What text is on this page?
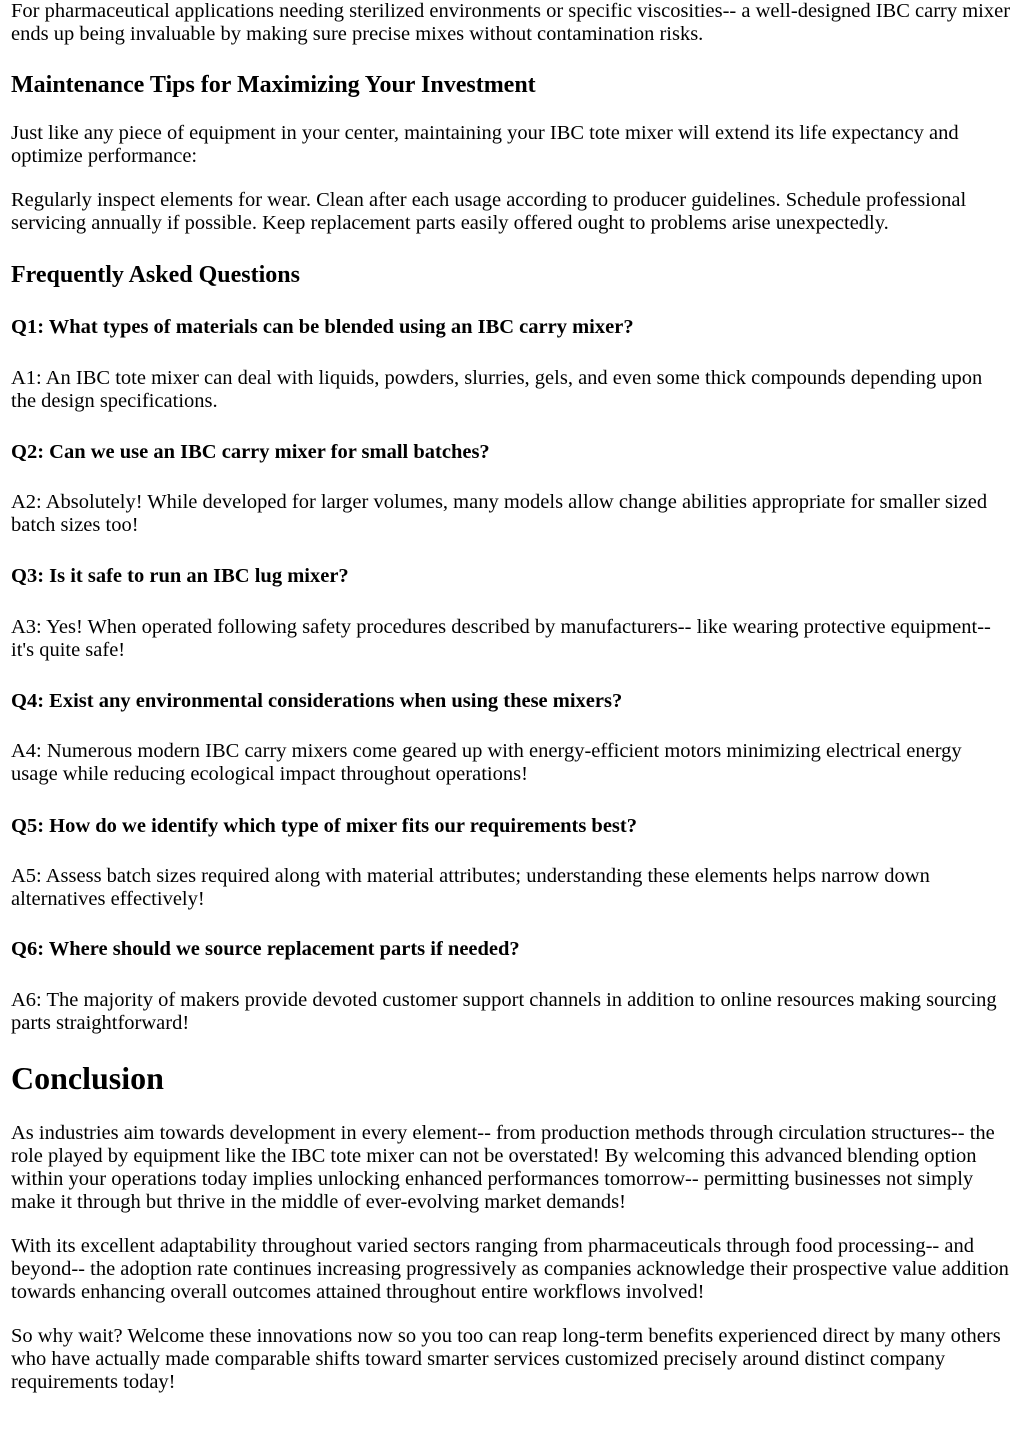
For pharmaceutical applications needing sterilized environments or specific viscosities-- a well-designed IBC carry mixer ends up being invaluable by making sure precise mixes without contamination risks.

Maintenance Tips for Maximizing Your Investment

Just like any piece of equipment in your center, maintaining your IBC tote mixer will extend its life expectancy and optimize performance:

Regularly inspect elements for wear. Clean after each usage according to producer guidelines. Schedule professional servicing annually if possible. Keep replacement parts easily offered ought to problems arise unexpectedly.

Frequently Asked Questions
Q1: What types of materials can be blended using an IBC carry mixer?

A1: An IBC tote mixer can deal with liquids, powders, slurries, gels, and even some thick compounds depending upon the design specifications.

Q2: Can we use an IBC carry mixer for small batches?

A2: Absolutely! While developed for larger volumes, many models allow change abilities appropriate for smaller sized batch sizes too!

Q3: Is it safe to run an IBC lug mixer?

A3: Yes! When operated following safety procedures described by manufacturers-- like wearing protective equipment-- it's quite safe!

Q4: Exist any environmental considerations when using these mixers?

A4: Numerous modern IBC carry mixers come geared up with energy-efficient motors minimizing electrical energy usage while reducing ecological impact throughout operations!

Q5: How do we identify which type of mixer fits our requirements best?

A5: Assess batch sizes required along with material attributes; understanding these elements helps narrow down alternatives effectively!

Q6: Where should we source replacement parts if needed?

A6: The majority of makers provide devoted customer support channels in addition to online resources making sourcing parts straightforward!

Conclusion

As industries aim towards development in every element-- from production methods through circulation structures-- the role played by equipment like the IBC tote mixer can not be overstated! By welcoming this advanced blending option within your operations today implies unlocking enhanced performances tomorrow-- permitting businesses not simply make it through but thrive in the middle of ever-evolving market demands!

With its excellent adaptability throughout varied sectors ranging from pharmaceuticals through food processing-- and beyond-- the adoption rate continues increasing progressively as companies acknowledge their prospective value addition towards enhancing overall outcomes attained throughout entire workflows involved!

So why wait? Welcome these innovations now so you too can reap long-term benefits experienced direct by many others who have actually made comparable shifts toward smarter services customized precisely around distinct company requirements today!
